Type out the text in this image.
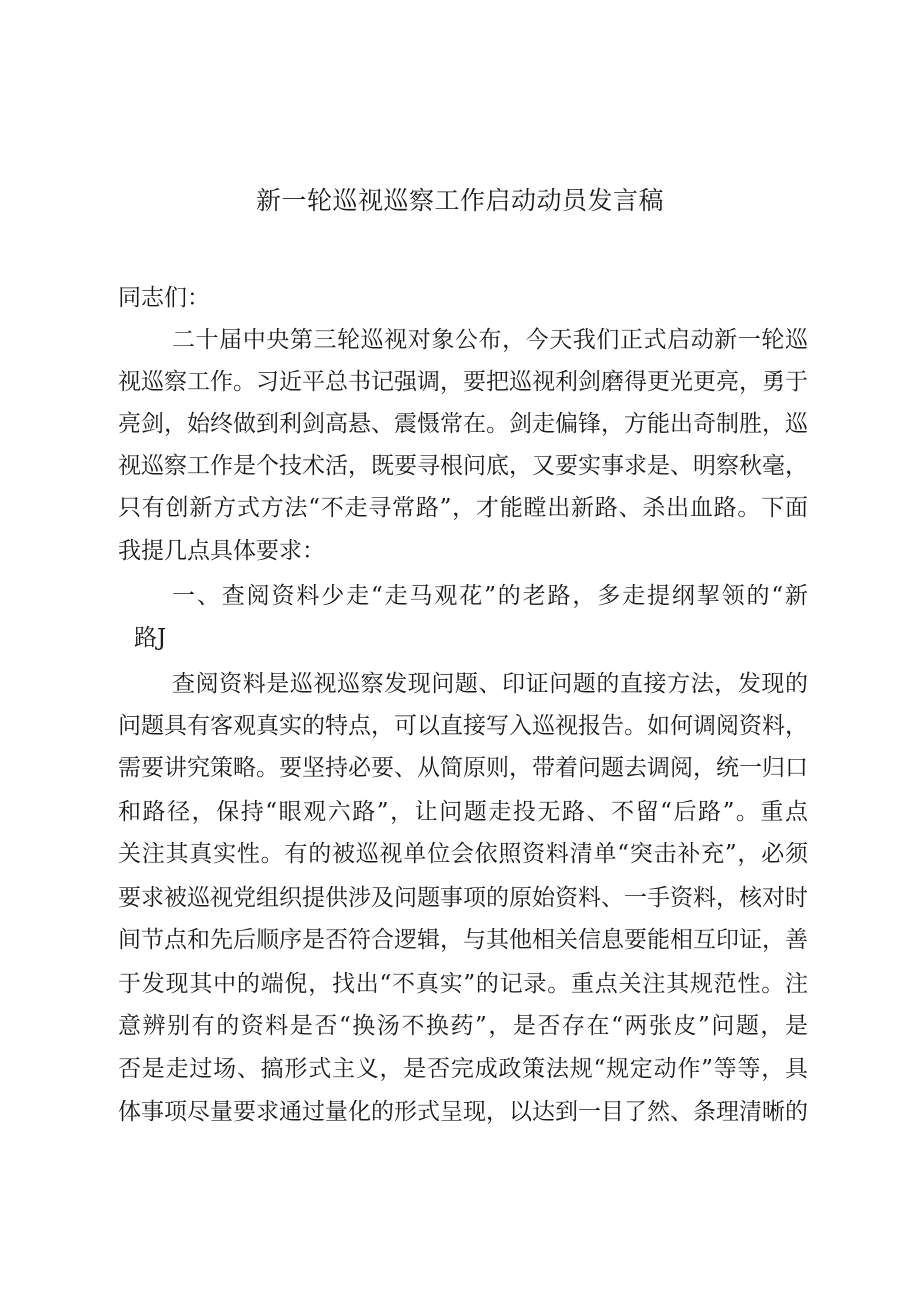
新一轮巡视巡察工作启动动员发言稿
同志们：
二十届中央第三轮巡视对象公布，今天我们正式启动新一轮巡
视巡察工作。习近平总书记强调，要把巡视利剑磨得更光更亮，勇于
亮剑，始终做到利剑高悬、震慑常在。剑走偏锋，方能出奇制胜，巡
视巡察工作是个技术活，既要寻根问底，又要实事求是、明察秋毫，
只有创新方式方法“不走寻常路”，才能瞠出新路、杀出血路。下面
我提几点具体要求：
一、查阅资料少走“走马观花”的老路，多走提纲挈领的“新
路J
查阅资料是巡视巡察发现问题、印证问题的直接方法，发现的
问题具有客观真实的特点，可以直接写入巡视报告。如何调阅资料，
需要讲究策略。要坚持必要、从简原则，带着问题去调阅，统一归口
和路径，保持“眼观六路”，让问题走投无路、不留“后路”。重点
关注其真实性。有的被巡视单位会依照资料清单“突击补充”，必须
要求被巡视党组织提供涉及问题事项的原始资料、一手资料，核对时
间节点和先后顺序是否符合逻辑，与其他相关信息要能相互印证，善
于发现其中的端倪，找出“不真实”的记录。重点关注其规范性。注
意辨别有的资料是否“换汤不换药”，是否存在“两张皮”问题，是
否是走过场、搞形式主义，是否完成政策法规“规定动作”等等，具
体事项尽量要求通过量化的形式呈现，以达到一目了然、条理清晰的
